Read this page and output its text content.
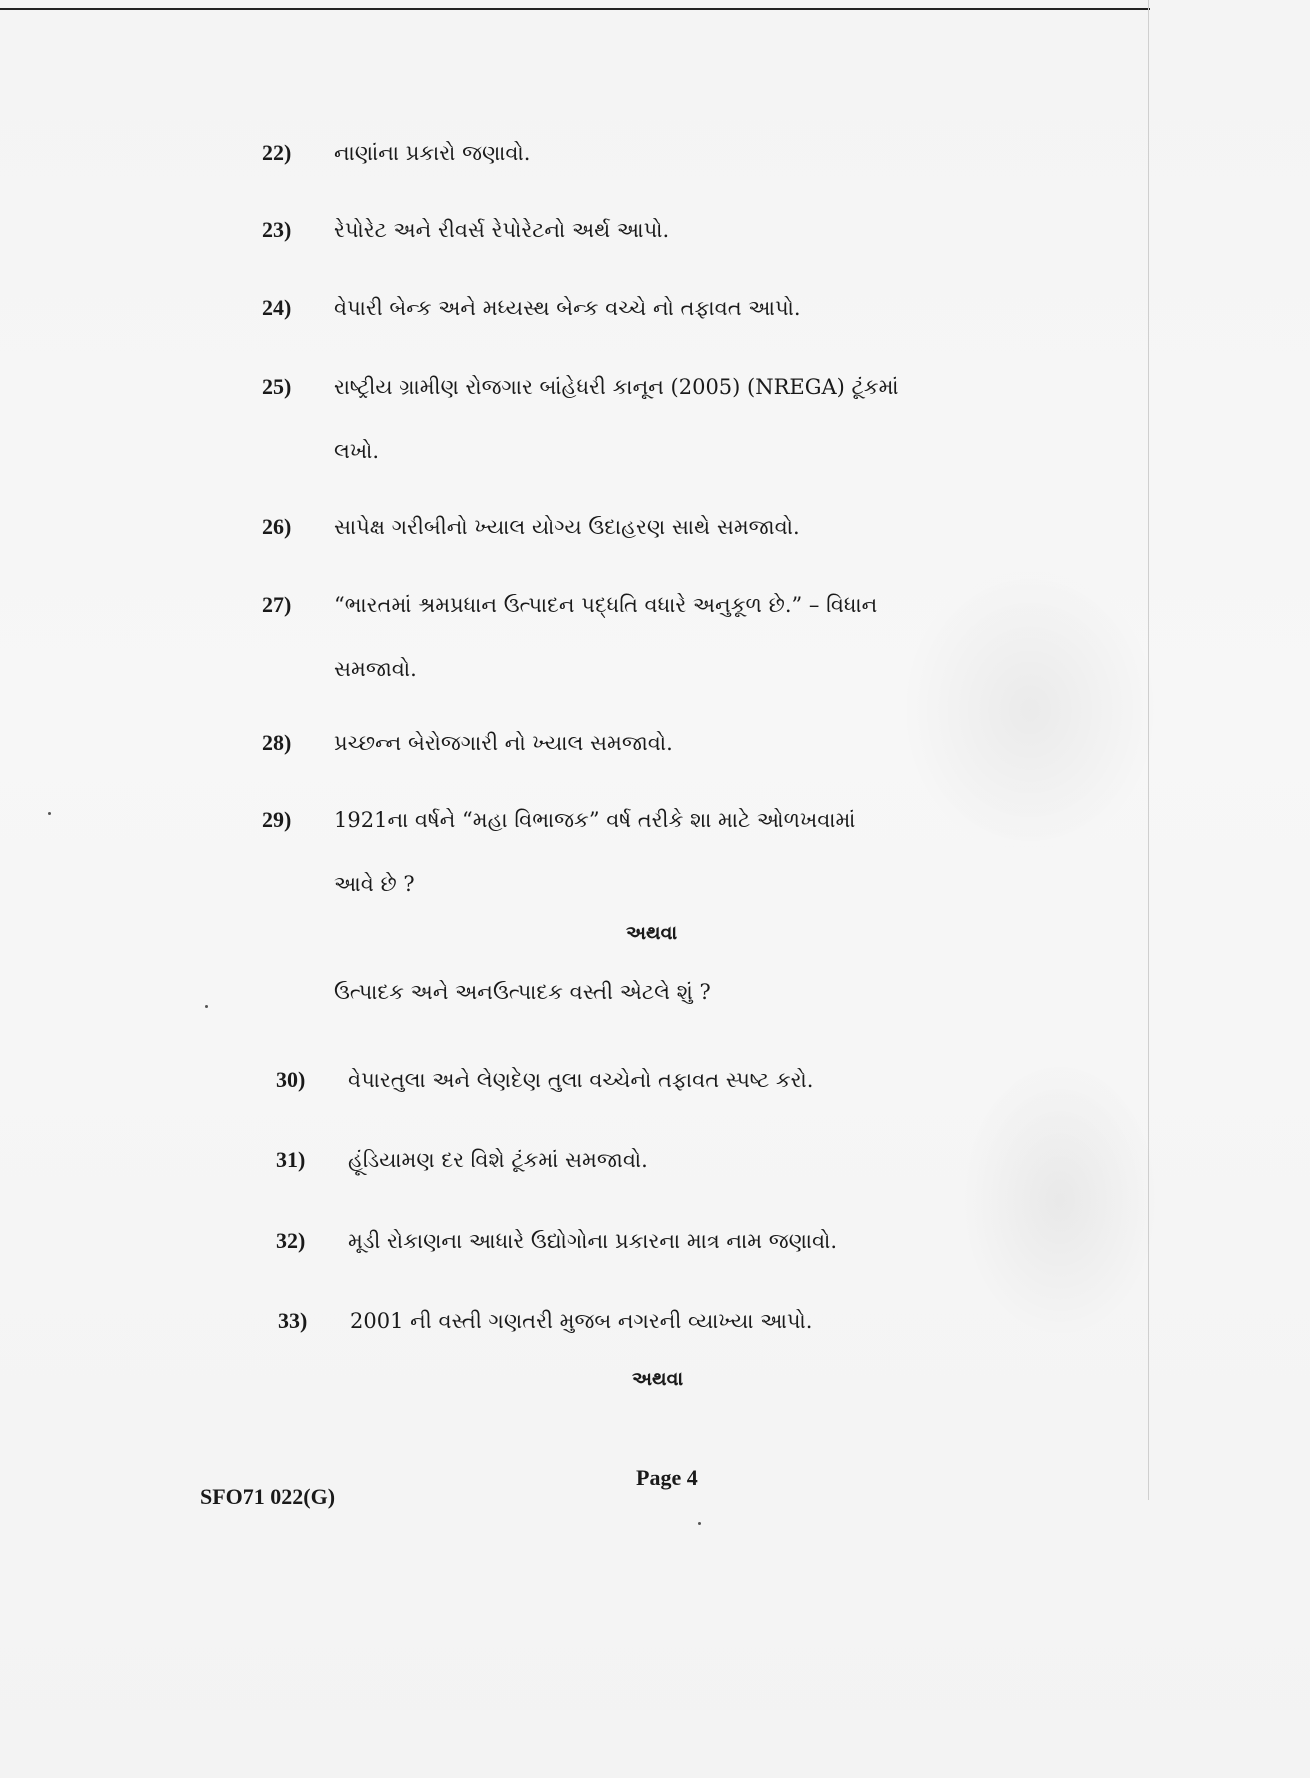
22) નાણાંના પ્રકારો જણાવો.
23) રેપોરેટ અને રીવર્સ રેપોરેટનો અર્થ આપો.
24) વેપારી બેન્ક અને મધ્યસ્થ બેન્ક વચ્ચે નો તફાવત આપો.
25) રાષ્ટ્રીય ગ્રામીણ રોજગાર બાંહેધરી કાનૂન (2005) (NREGA) ટૂંકમાં
લખો.
26) સાપેક્ષ ગરીબીનો ખ્યાલ યોગ્ય ઉદાહરણ સાથે સમજાવો.
27) “ભારતમાં શ્રમપ્રધાન ઉત્પાદન પદ્ધતિ વધારે અનુકૂળ છે.” – વિધાન
સમજાવો.
28) પ્રચ્છન્ન બેરોજગારી નો ખ્યાલ સમજાવો.
29) 1921ના વર્ષને “મહા વિભાજક” વર્ષ તરીકે શા માટે ઓળખવામાં
આવે છે ?
અથવા
ઉત્પાદક અને અનઉત્પાદક વસ્તી એટલે શું ?
30) વેપારતુલા અને લેણદેણ તુલા વચ્ચેનો તફાવત સ્પષ્ટ કરો.
31) હૂંડિયામણ દર વિશે ટૂંકમાં સમજાવો.
32) મૂડી રોકાણના આધારે ઉદ્યોગોના પ્રકારના માત્ર નામ જણાવો.
33) 2001 ની વસ્તી ગણતરી મુજબ નગરની વ્યાખ્યા આપો.
અથવા
Page 4
SFO71 022(G)
